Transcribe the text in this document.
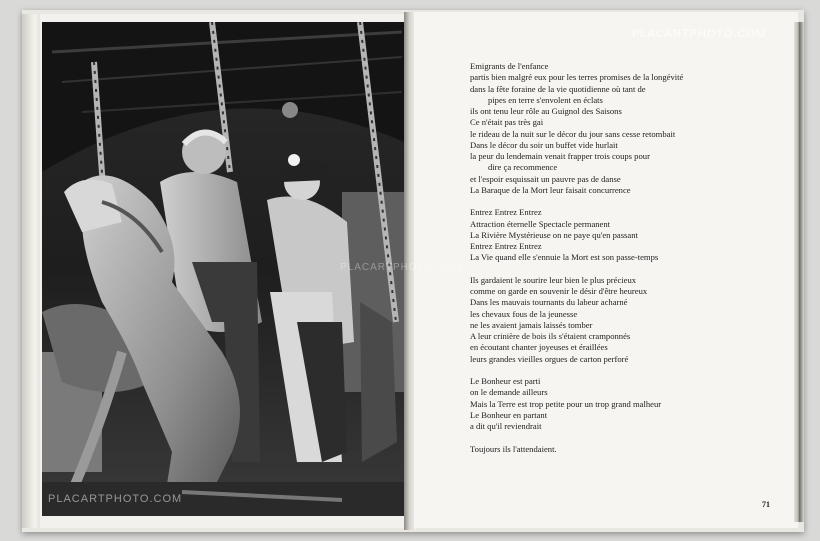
Emigrants de l'enfance
partis bien malgré eux pour les terres promises de la longévité
dans la fête foraine de la vie quotidienne où tant de
pipes en terre s'envolent en éclats
ils ont tenu leur rôle au Guignol des Saisons
Ce n'était pas très gai
le rideau de la nuit sur le décor du jour sans cesse retombait
Dans le décor du soir un buffet vide hurlait
la peur du lendemain venait frapper trois coups pour
dire ça recommence
et l'espoir esquissait un pauvre pas de danse
La Baraque de la Mort leur faisait concurrence
Entrez Entrez Entrez
Attraction éternelle Spectacle permanent
La Rivière Mystérieuse on ne paye qu'en passant
Entrez Entrez Entrez
La Vie quand elle s'ennuie la Mort est son passe-temps
Ils gardaient le sourire leur bien le plus précieux
comme on garde en souvenir le désir d'être heureux
Dans les mauvais tournants du labeur acharné
les chevaux fous de la jeunesse
ne les avaient jamais laissés tomber
A leur crinière de bois ils s'étaient cramponnés
en écoutant chanter joyeuses et éraillées
leurs grandes vieilles orgues de carton perforé
Le Bonheur est parti
on le demande ailleurs
Mais la Terre est trop petite pour un trop grand malheur
Le Bonheur en partant
a dit qu'il reviendrait
Toujours ils l'attendaient.
71
PLACARTPHOTO.COM
PLACARTPHOTO.COM
PLACARTPHOTO.COM
